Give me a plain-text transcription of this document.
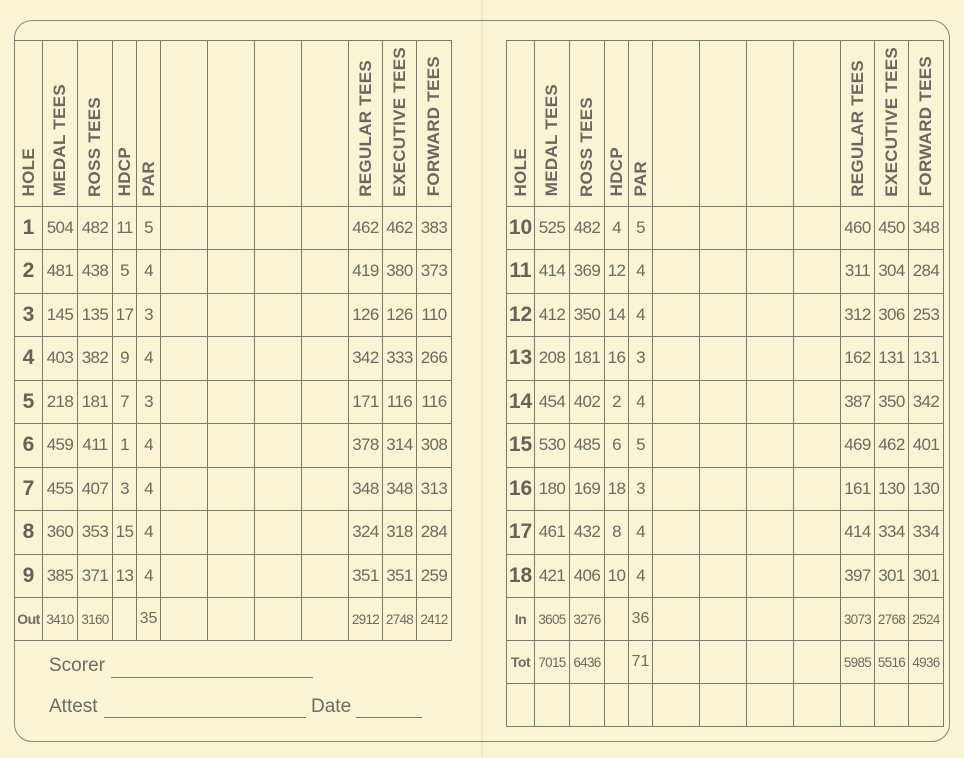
HOLE	MEDAL TEES	ROSS TEES	HDCP	PAR					REGULAR TEES	EXECUTIVE TEES	FORWARD TEES
1	504	482	11	5					462	462	383
2	481	438	5	4					419	380	373
3	145	135	17	3					126	126	110
4	403	382	9	4					342	333	266
5	218	181	7	3					171	116	116
6	459	411	1	4					378	314	308
7	455	407	3	4					348	348	313
8	360	353	15	4					324	318	284
9	385	371	13	4					351	351	259
Out	3410	3160		35					2912	2748	2412
HOLE	MEDAL TEES	ROSS TEES	HDCP	PAR					REGULAR TEES	EXECUTIVE TEES	FORWARD TEES
10	525	482	4	5					460	450	348
11	414	369	12	4					311	304	284
12	412	350	14	4					312	306	253
13	208	181	16	3					162	131	131
14	454	402	2	4					387	350	342
15	530	485	6	5					469	462	401
16	180	169	18	3					161	130	130
17	461	432	8	4					414	334	334
18	421	406	10	4					397	301	301
In	3605	3276		36					3073	2768	2524
Tot	7015	6436		71					5985	5516	4936

Scorer
Attest	Date
